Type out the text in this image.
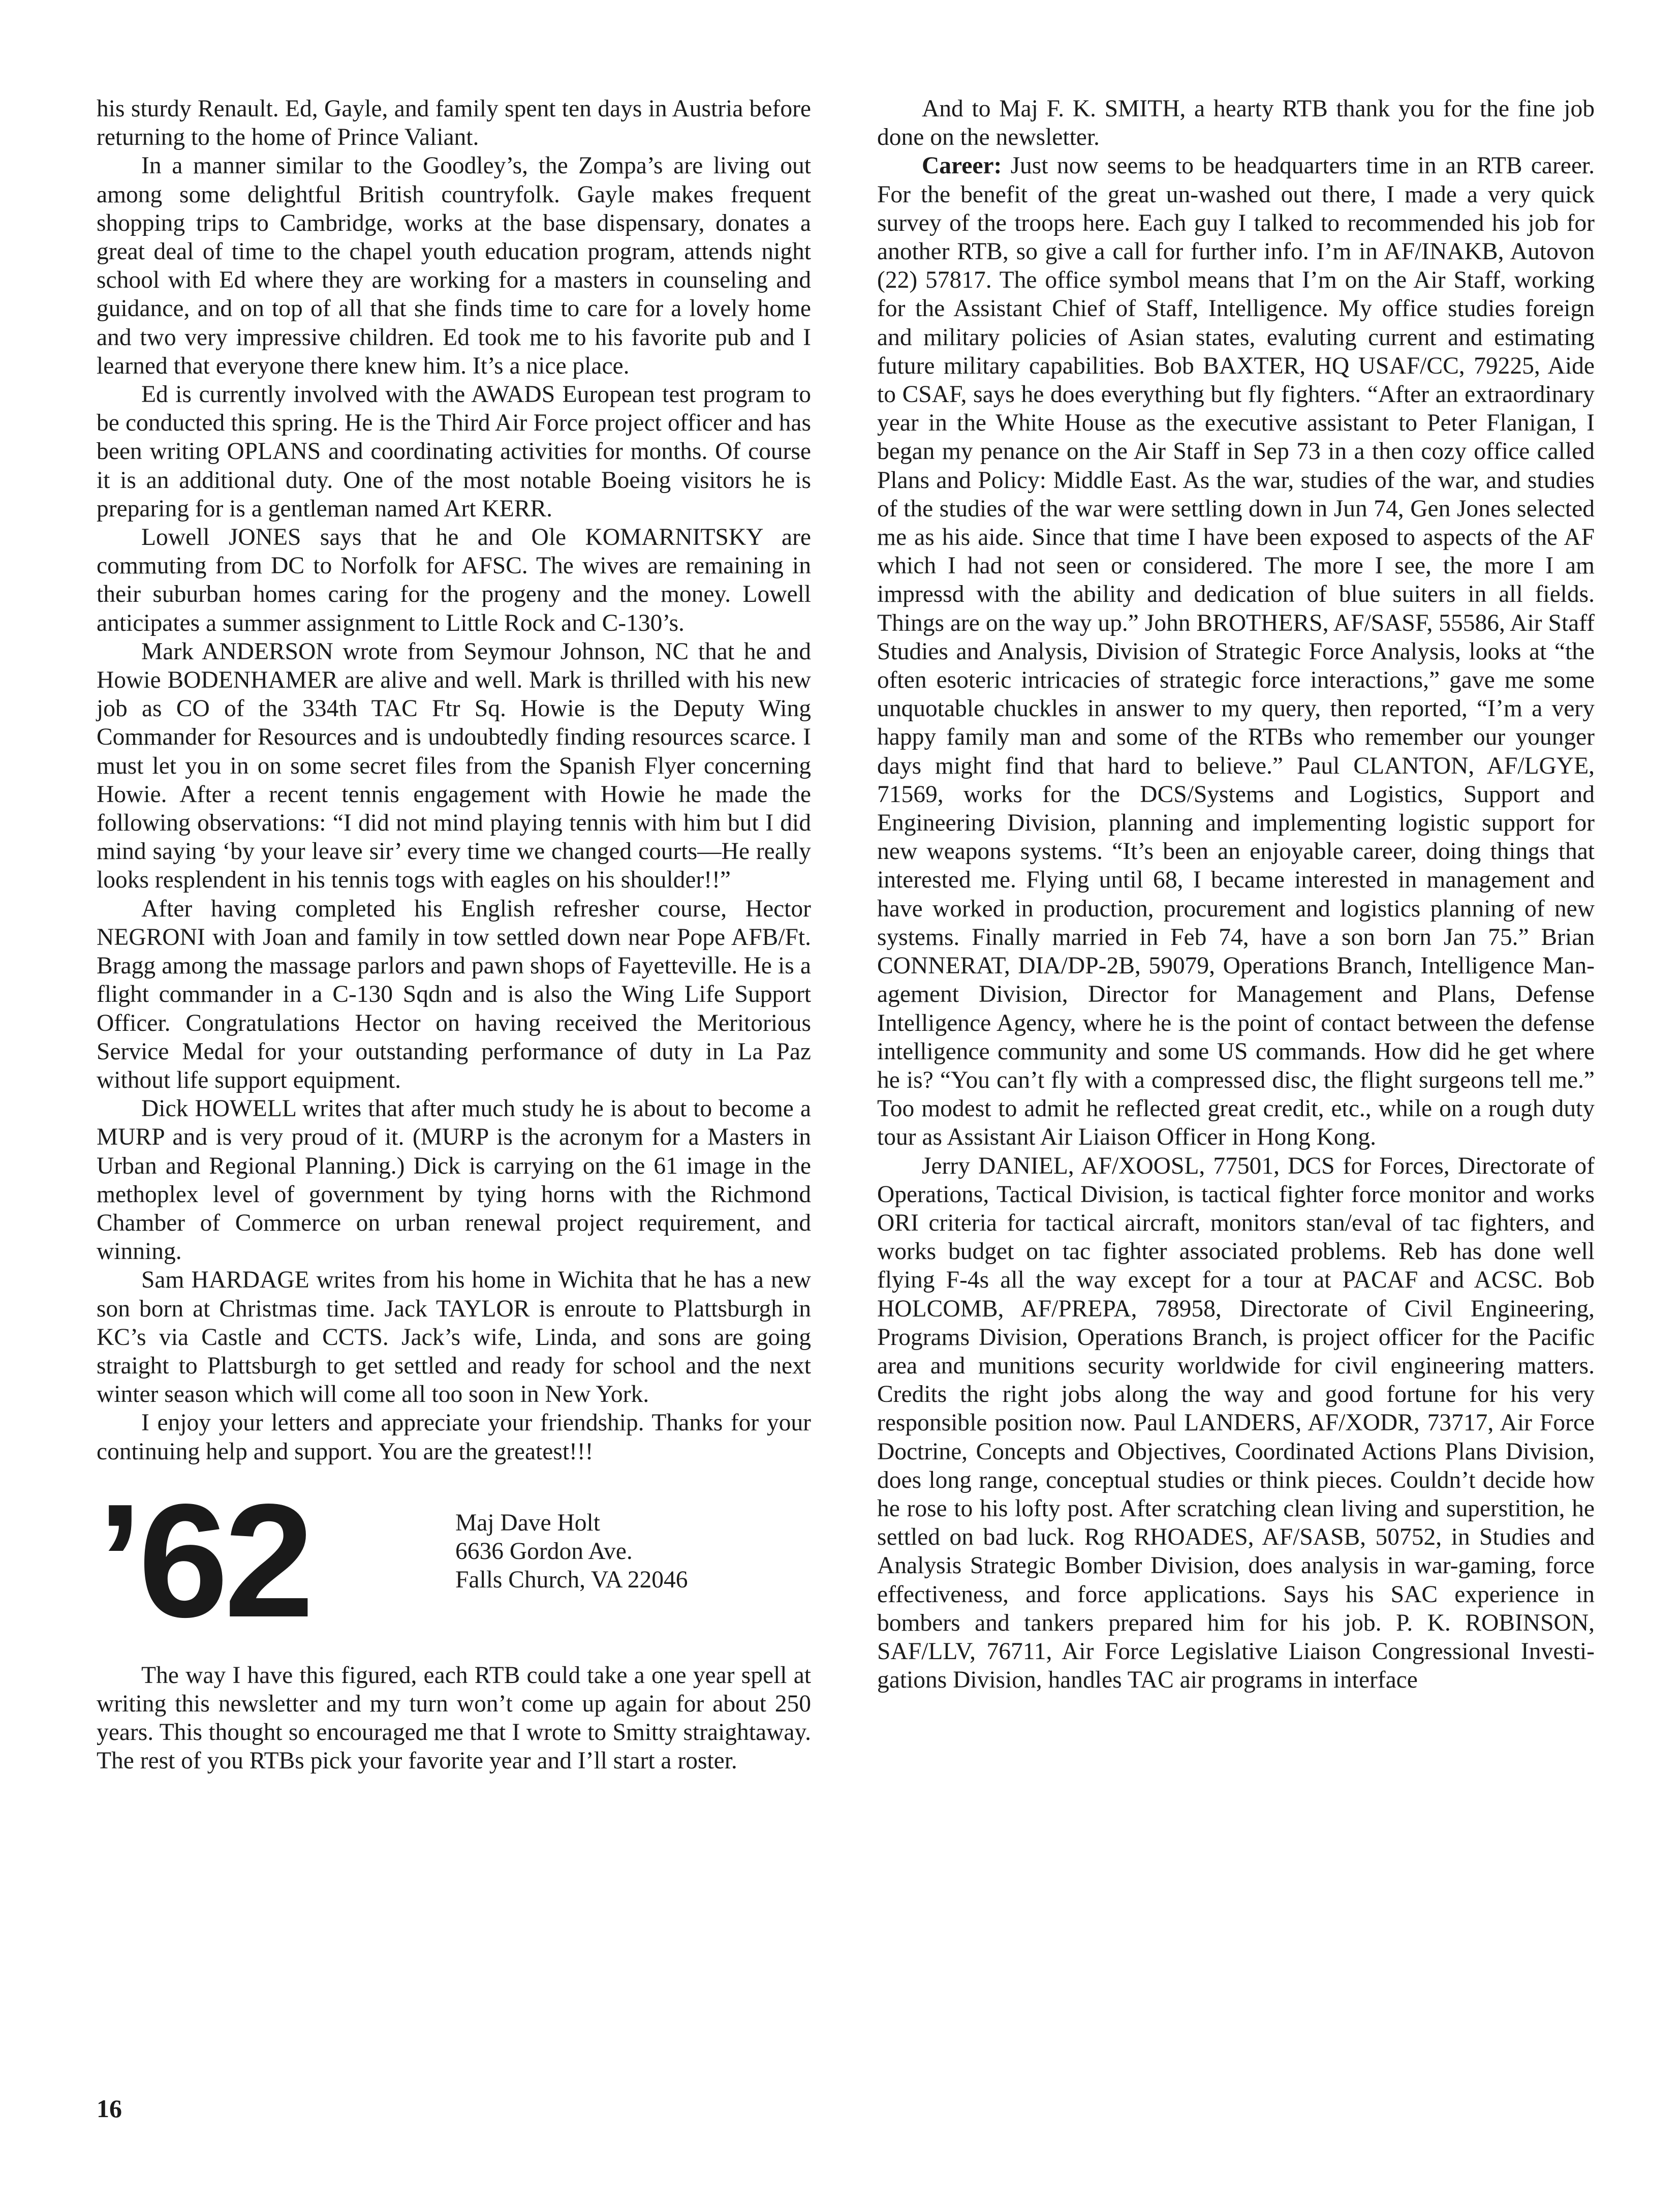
his sturdy Renault. Ed, Gayle, and family spent ten days in Austria before returning to the home of Prince Valiant.

In a manner similar to the Goodley’s, the Zompa’s are living out among some delightful British countryfolk. Gayle makes frequent shopping trips to Cambridge, works at the base dispensary, donates a great deal of time to the chapel youth education program, attends night school with Ed where they are working for a masters in counseling and guidance, and on top of all that she finds time to care for a lovely home and two very impressive children. Ed took me to his favorite pub and I learned that everyone there knew him. It’s a nice place.

Ed is currently involved with the AWADS European test program to be conducted this spring. He is the Third Air Force project officer and has been writing OPLANS and coordinating activities for months. Of course it is an additional duty. One of the most notable Boeing visitors he is preparing for is a gentleman named Art KERR.

Lowell JONES says that he and Ole KOMARNITSKY are commuting from DC to Norfolk for AFSC. The wives are remaining in their suburban homes caring for the progeny and the money. Lowell anticipates a summer assignment to Little Rock and C-130’s.

Mark ANDERSON wrote from Seymour Johnson, NC that he and Howie BODENHAMER are alive and well. Mark is thrilled with his new job as CO of the 334th TAC Ftr Sq. Howie is the Deputy Wing Commander for Resources and is undoubtedly finding resources scarce. I must let you in on some secret files from the Spanish Flyer concerning Howie. After a recent tennis engagement with Howie he made the following observations: “I did not mind playing tennis with him but I did mind saying ‘by your leave sir’ every time we changed courts—He really looks resplendent in his tennis togs with eagles on his shoulder!!”

After having completed his English refresher course, Hector NEGRONI with Joan and family in tow settled down near Pope AFB/Ft. Bragg among the massage parlors and pawn shops of Fayetteville. He is a flight commander in a C-130 Sqdn and is also the Wing Life Support Officer. Congratulations Hector on having received the Meritorious Service Medal for your outstanding performance of duty in La Paz without life support equipment.

Dick HOWELL writes that after much study he is about to become a MURP and is very proud of it. (MURP is the acronym for a Masters in Urban and Regional Planning.) Dick is carrying on the 61 image in the methoplex level of government by tying horns with the Richmond Chamber of Commerce on urban renewal project requirement, and winning.

Sam HARDAGE writes from his home in Wichita that he has a new son born at Christmas time. Jack TAYLOR is enroute to Plattsburgh in KC’s via Castle and CCTS. Jack’s wife, Linda, and sons are going straight to Plattsburgh to get settled and ready for school and the next winter season which will come all too soon in New York.

I enjoy your letters and appreciate your friendship. Thanks for your continuing help and support. You are the greatest!!!

’62	Maj Dave Holt
6636 Gordon Ave.
Falls Church, VA 22046

The way I have this figured, each RTB could take a one year spell at writing this newsletter and my turn won’t come up again for about 250 years. This thought so encouraged me that I wrote to Smitty straightaway. The rest of you RTBs pick your favorite year and I’ll start a roster.

And to Maj F. K. SMITH, a hearty RTB thank you for the fine job done on the newsletter.

Career: Just now seems to be headquarters time in an RTB career. For the benefit of the great un-washed out there, I made a very quick survey of the troops here. Each guy I talked to recommended his job for another RTB, so give a call for further info. I’m in AF/INAKB, Autovon (22) 57817. The office symbol means that I’m on the Air Staff, working for the Assistant Chief of Staff, Intelligence. My office studies foreign and military policies of Asian states, evaluting current and estimating future military capabilities. Bob BAXTER, HQ USAF/CC, 79225, Aide to CSAF, says he does everything but fly fighters. “After an extraordinary year in the White House as the executive assistant to Peter Flanigan, I began my penance on the Air Staff in Sep 73 in a then cozy office called Plans and Policy: Middle East. As the war, studies of the war, and studies of the studies of the war were settling down in Jun 74, Gen Jones selected me as his aide. Since that time I have been exposed to aspects of the AF which I had not seen or considered. The more I see, the more I am impressd with the ability and dedication of blue suiters in all fields. Things are on the way up.” John BROTHERS, AF/SASF, 55586, Air Staff Studies and Analysis, Division of Strategic Force Analysis, looks at “the often esoteric intricacies of strategic force interactions,” gave me some unquotable chuckles in answer to my query, then reported, “I’m a very happy family man and some of the RTBs who remember our younger days might find that hard to believe.” Paul CLANTON, AF/LGYE, 71569, works for the DCS/Systems and Logistics, Support and Engineering Division, planning and implementing logistic support for new weapons systems. “It’s been an enjoyable career, doing things that interested me. Flying until 68, I became interested in management and have worked in production, procurement and logistics planning of new systems. Finally married in Feb 74, have a son born Jan 75.” Brian CONNERAT, DIA/DP-2B, 59079, Operations Branch, Intelligence Management Division, Director for Management and Plans, Defense Intelligence Agency, where he is the point of contact between the defense intelligence community and some US commands. How did he get where he is? “You can’t fly with a compressed disc, the flight surgeons tell me.” Too modest to admit he reflected great credit, etc., while on a rough duty tour as Assistant Air Liaison Officer in Hong Kong.

Jerry DANIEL, AF/XOOSL, 77501, DCS for Forces, Directorate of Operations, Tactical Division, is tactical fighter force monitor and works ORI criteria for tactical aircraft, monitors stan/eval of tac fighters, and works budget on tac fighter associated problems. Reb has done well flying F-4s all the way except for a tour at PACAF and ACSC. Bob HOLCOMB, AF/PREPA, 78958, Directorate of Civil Engineering, Programs Division, Operations Branch, is project officer for the Pacific area and munitions security worldwide for civil engineering matters. Credits the right jobs along the way and good fortune for his very responsible position now. Paul LANDERS, AF/XODR, 73717, Air Force Doctrine, Concepts and Objectives, Coordinated Actions Plans Division, does long range, conceptual studies or think pieces. Couldn’t decide how he rose to his lofty post. After scratching clean living and superstition, he settled on bad luck. Rog RHOADES, AF/SASB, 50752, in Studies and Analysis Strategic Bomber Division, does analysis in war-gaming, force effectiveness, and force applications. Says his SAC experience in bombers and tankers prepared him for his job. P. K. ROBINSON, SAF/LLV, 76711, Air Force Legislative Liaison Congressional Investigations Division, handles TAC air programs in interface

16
